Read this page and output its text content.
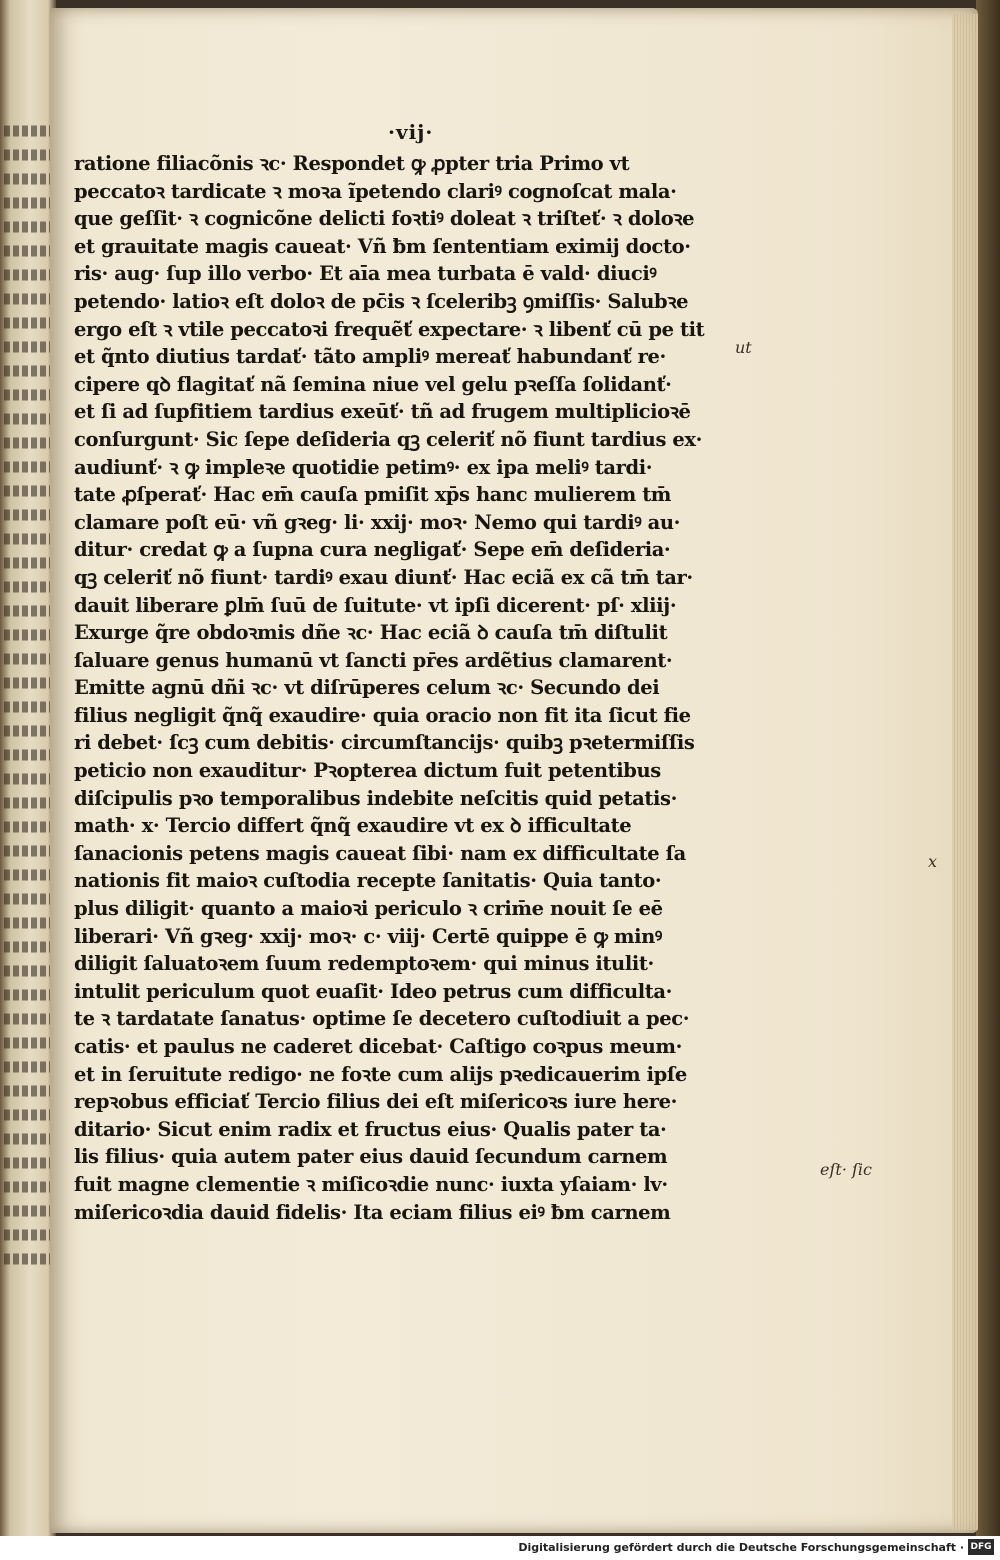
·vij·
ratione filiacõnis ꝛc· Respondet ꝙ ꝓpter tria Primo vt
peccatoꝛ tardicate ꝛ moꝛa ĩpetendo clariꝰ cognoſcat mala·
que geſſit· ꝛ cognicõne delicti foꝛtiꝰ doleat ꝛ triſteť· ꝛ doloꝛe
et grauitate magis caueat· Vñ ƀm ſententiam eximij docto·
ris· aug· ſup illo verbo· Et aīa mea turbata ē vald· diuciꝰ
petendo· latioꝛ eſt doloꝛ de pc̄is ꝛ ſceleribꝫ ꝯmiſſis· Salubꝛe
ergo eſt ꝛ vtile peccatoꝛi frequẽť expectare· ꝛ libenť cū pe tit
et q̃nto diutius tardať· tãto ampliꝰ mereať habundanť re·
cipere qꝺ flagitať nã ſemina niue vel gelu pꝛeſſa ſolidanť·
et ſi ad ſupfitiem tardius exeūť· tñ ad frugem multiplicioꝛē
conſurgunt· Sic ſepe deſideria qꝫ celeriť nõ fiunt tardius ex·
audiunť· ꝛ ꝙ impleꝛe quotidie petimꝰ· ex ipa meliꝰ tardi·
tate ꝓſperať· Hac em̄ cauſa pmiſit xp̄s hanc mulierem tm̄
clamare poſt eū· vñ gꝛeg· li· xxij· moꝛ· Nemo qui tardiꝰ au·
ditur· credat ꝙ a ſupna cura negligať· Sepe em̄ deſideria·
qꝫ celeriť nõ fiunt· tardiꝰ exau diunť· Hac eciã ex cã tm̄ tar·
dauit liberare ꝑlm̄ ſuū de ſuitute· vt ipſi dicerent· pſ· xliij·
Exurge q̃re obdoꝛmis dñe ꝛc· Hac eciã ꝺ cauſa tm̄ diſtulit
ſaluare genus humanū vt ſancti pr̄es ardẽtius clamarent·
Emitte agnū dñi ꝛc· vt diſrūperes celum ꝛc· Secundo dei
filius negligit q̃nq̃ exaudire· quia oracio non fit ita ſicut fie
ri debet· ſcꝫ cum debitis· circumſtancijs· quibꝫ pꝛetermiſſis
peticio non exauditur· Pꝛopterea dictum fuit petentibus
diſcipulis pꝛo temporalibus indebite neſcitis quid petatis·
math· x· Tercio differt q̃nq̃ exaudire vt ex ꝺ ifficultate
ſanacionis petens magis caueat ſibi· nam ex difficultate ſa
nationis fit maioꝛ cuſtodia recepte ſanitatis· Quia tanto·
plus diligit· quanto a maioꝛi periculo ꝛ crim̄e nouit ſe eē
liberari· Vñ gꝛeg· xxij· moꝛ· c· viij· Certē quippe ē ꝙ minꝰ
diligit ſaluatoꝛem ſuum redemptoꝛem· qui minus itulit·
intulit periculum quot euaſit· Ideo petrus cum difficulta·
te ꝛ tardatate ſanatus· optime ſe decetero cuſtodiuit a pec·
catis· et paulus ne caderet dicebat· Caſtigo coꝛpus meum·
et in ſeruitute redigo· ne foꝛte cum alijs pꝛedicauerim ipſe
repꝛobus efficiať Tercio filius dei eſt miſericoꝛs iure here·
ditario· Sicut enim radix et fructus eius· Qualis pater ta·
lis filius· quia autem pater eius dauid ſecundum carnem
fuit magne clementie ꝛ miſicoꝛdie nunc· iuxta yſaiam· lv·
miſericoꝛdia dauid fidelis· Ita eciam filius eiꝰ ƀm carnem
ut
x
eſt· ſic
Digitalisierung gefördert durch die Deutsche Forschungsgemeinschaft · DFG
